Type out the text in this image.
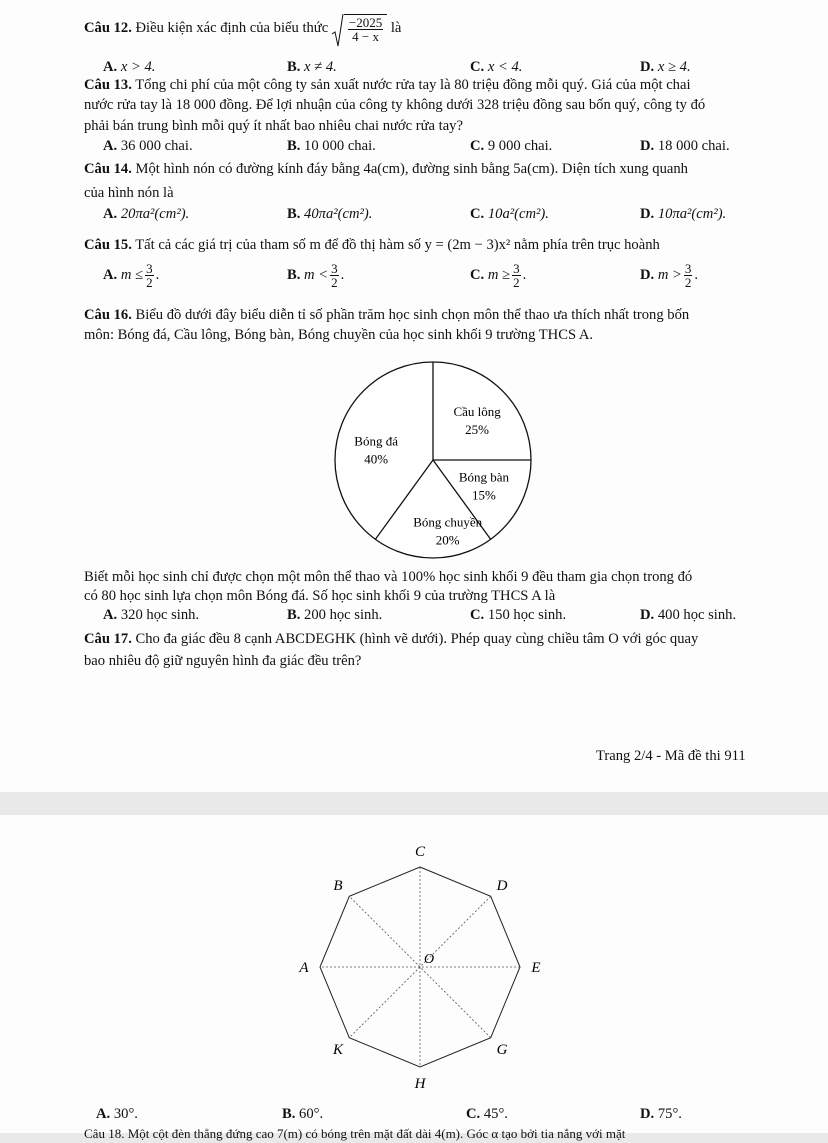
Câu 12. Điều kiện xác định của biểu thức $\frac{-2025}{4 - x}$ là
A. x > 4.	B. x ≠ 4.	C. x < 4.	D. x ≥ 4.
Câu 13. Tổng chi phí của một công ty sản xuất nước rửa tay là 80 triệu đồng mỗi quý. Giá của một chai
nước rửa tay là 18 000 đồng. Để lợi nhuận của công ty không dưới 328 triệu đồng sau bốn quý, công ty đó
phải bán trung bình mỗi quý ít nhất bao nhiêu chai nước rửa tay?
A. 36 000 chai.	B. 10 000 chai.	C. 9 000 chai.	D. 18 000 chai.
Câu 14. Một hình nón có đường kính đáy bằng 4a(cm), đường sinh bằng 5a(cm). Diện tích xung quanh
của hình nón là
A. 20πa²(cm²).	B. 40πa²(cm²).	C. 10a²(cm²).	D. 10πa²(cm²).
Câu 15. Tất cả các giá trị của tham số m để đồ thị hàm số y = (2m − 3)x² nằm phía trên trục hoành
A. $m \le \frac{3}{2}$ .	B. $m < \frac{3}{2}$ .	C. $m \ge \frac{3}{2}$ .	D. $m > \frac{3}{2}$ .
Câu 16. Biểu đồ dưới đây biểu diễn tỉ số phần trăm học sinh chọn môn thể thao ưa thích nhất trong bốn
môn: Bóng đá, Cầu lông, Bóng bàn, Bóng chuyền của học sinh khối 9 trường THCS A.
Cầu lông
25%
Bóng bàn
15%
Bóng chuyền
20%
Bóng đá
40%
Biết mỗi học sinh chỉ được chọn một môn thể thao và 100% học sinh khối 9 đều tham gia chọn trong đó
có 80 học sinh lựa chọn môn Bóng đá. Số học sinh khối 9 của trường THCS A là
A. 320 học sinh.	B. 200 học sinh.	C. 150 học sinh.	D. 400 học sinh.
Câu 17. Cho đa giác đều 8 cạnh ABCDEGHK (hình vẽ dưới). Phép quay cùng chiều tâm O với góc quay
bao nhiêu độ giữ nguyên hình đa giác đều trên?
Trang 2/4 - Mã đề thi 911
C
D
E
G
H
K
A
B
O
A. 30°.	B. 60°.	C. 45°.	D. 75°.
Câu 18. Một cột đèn thẳng đứng cao 7(m) có bóng trên mặt đất dài 4(m). Góc α tạo bởi tia nắng với mặt
